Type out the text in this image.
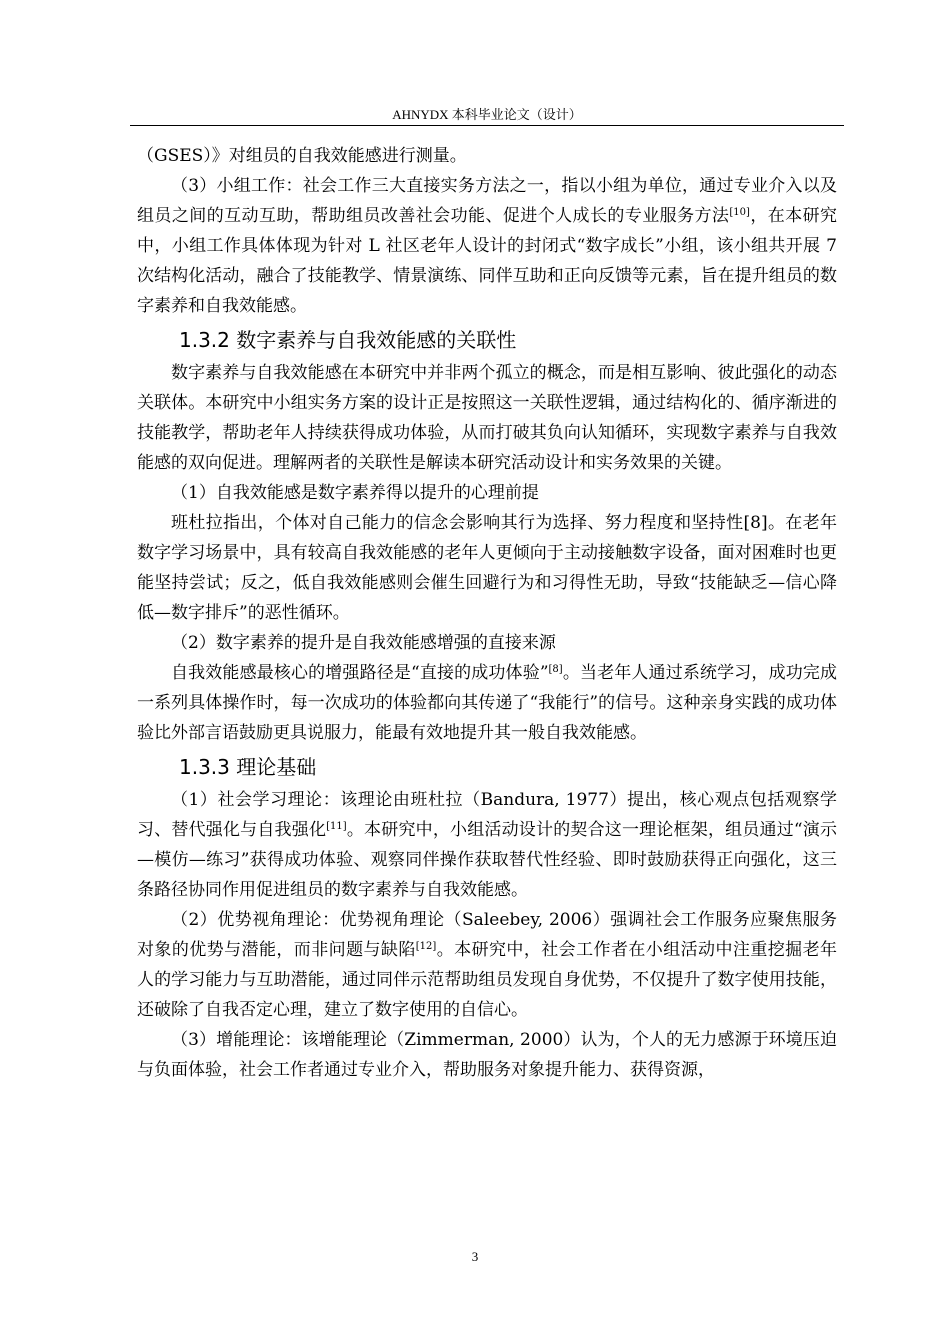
AHNYDX 本科毕业论文（设计）

（GSES）》对组员的自我效能感进行测量。

（3）小组工作：社会工作三大直接实务方法之一，指以小组为单位，通过专业介入以及组员之间的互动互助，帮助组员改善社会功能、促进个人成长的专业服务方法[10]，在本研究中，小组工作具体体现为针对 L 社区老年人设计的封闭式“数字成长”小组，该小组共开展 7 次结构化活动，融合了技能教学、情景演练、同伴互助和正向反馈等元素，旨在提升组员的数字素养和自我效能感。

1.3.2 数字素养与自我效能感的关联性

数字素养与自我效能感在本研究中并非两个孤立的概念，而是相互影响、彼此强化的动态关联体。本研究中小组实务方案的设计正是按照这一关联性逻辑，通过结构化的、循序渐进的技能教学，帮助老年人持续获得成功体验，从而打破其负向认知循环，实现数字素养与自我效能感的双向促进。理解两者的关联性是解读本研究活动设计和实务效果的关键。

（1）自我效能感是数字素养得以提升的心理前提

班杜拉指出，个体对自己能力的信念会影响其行为选择、努力程度和坚持性[8]。在老年数字学习场景中，具有较高自我效能感的老年人更倾向于主动接触数字设备，面对困难时也更能坚持尝试；反之，低自我效能感则会催生回避行为和习得性无助，导致“技能缺乏—信心降低—数字排斥”的恶性循环。

（2）数字素养的提升是自我效能感增强的直接来源

自我效能感最核心的增强路径是“直接的成功体验”[8]。当老年人通过系统学习，成功完成一系列具体操作时，每一次成功的体验都向其传递了“我能行”的信号。这种亲身实践的成功体验比外部言语鼓励更具说服力，能最有效地提升其一般自我效能感。

1.3.3 理论基础

（1）社会学习理论：该理论由班杜拉（Bandura, 1977）提出，核心观点包括观察学习、替代强化与自我强化[11]。本研究中，小组活动设计的契合这一理论框架，组员通过“演示—模仿—练习”获得成功体验、观察同伴操作获取替代性经验、即时鼓励获得正向强化，这三条路径协同作用促进组员的数字素养与自我效能感。

（2）优势视角理论：优势视角理论（Saleebey, 2006）强调社会工作服务应聚焦服务对象的优势与潜能，而非问题与缺陷[12]。本研究中，社会工作者在小组活动中注重挖掘老年人的学习能力与互助潜能，通过同伴示范帮助组员发现自身优势，不仅提升了数字使用技能，还破除了自我否定心理，建立了数字使用的自信心。

（3）增能理论：该增能理论（Zimmerman, 2000）认为，个人的无力感源于环境压迫与负面体验，社会工作者通过专业介入，帮助服务对象提升能力、获得资源，

3
